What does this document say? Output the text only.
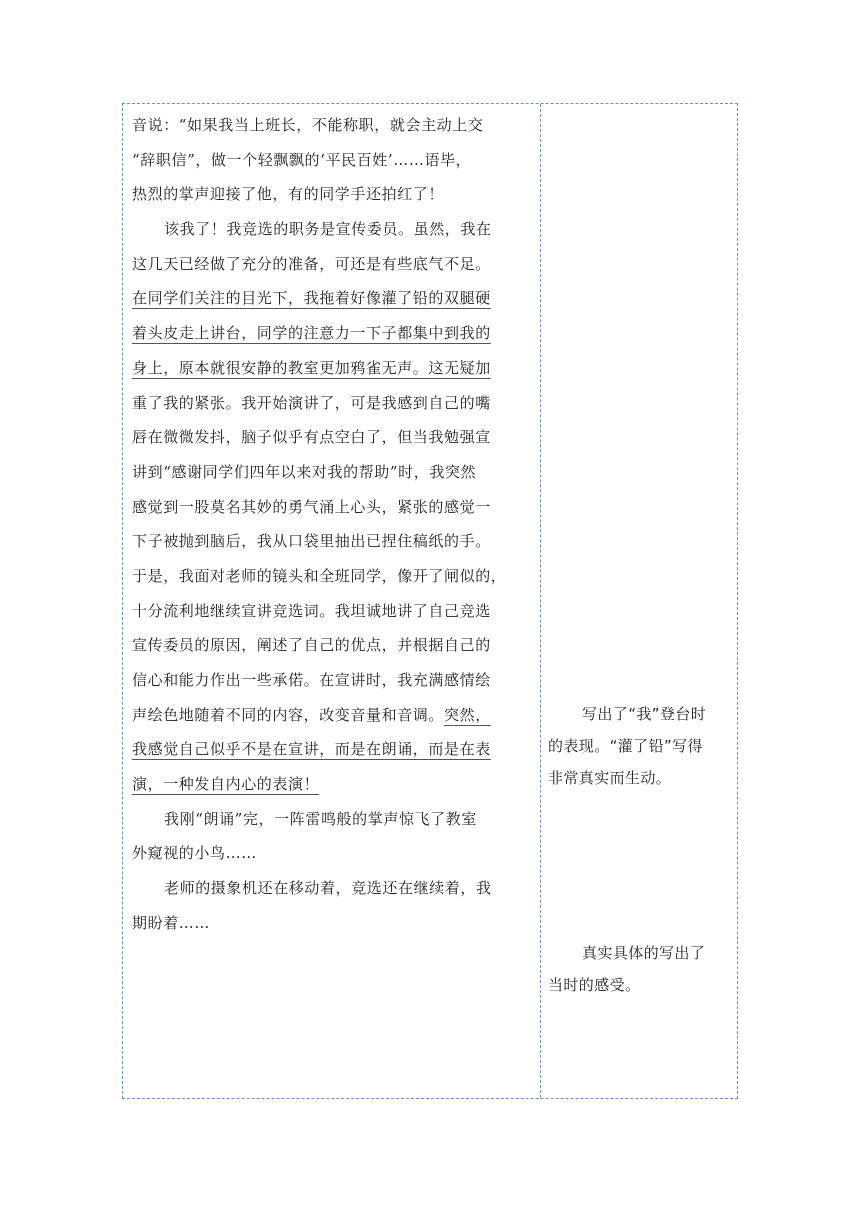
音说：“如果我当上班长，不能称职，就会主动上交
“辞职信”，做一个轻飘飘的‘平民百姓’……语毕，
热烈的掌声迎接了他，有的同学手还拍红了！
该我了！我竞选的职务是宣传委员。虽然，我在
这几天已经做了充分的准备，可还是有些底气不足。
在同学们关注的目光下，我拖着好像灌了铅的双腿硬
着头皮走上讲台，同学的注意力一下子都集中到我的
身上，原本就很安静的教室更加鸦雀无声。这无疑加
重了我的紧张。我开始演讲了，可是我感到自己的嘴
唇在微微发抖，脑子似乎有点空白了，但当我勉强宣
讲到“感谢同学们四年以来对我的帮助”时，我突然
感觉到一股莫名其妙的勇气涌上心头，紧张的感觉一
下子被抛到脑后，我从口袋里抽出已捏住稿纸的手。
于是，我面对老师的镜头和全班同学，像开了闸似的，
十分流利地继续宣讲竞选词。我坦诚地讲了自己竞选
宣传委员的原因，阐述了自己的优点，并根据自己的
信心和能力作出一些承偌。在宣讲时，我充满感情绘
声绘色地随着不同的内容，改变音量和音调。突然，
我感觉自己似乎不是在宣讲，而是在朗诵，而是在表
演，一种发自内心的表演！
我刚“朗诵”完，一阵雷鸣般的掌声惊飞了教室
外窥视的小鸟……
老师的摄象机还在移动着，竞选还在继续着，我
期盼着……
写出了“我”登台时
的表现。“灌了铅”写得
非常真实而生动。
真实具体的写出了
当时的感受。
